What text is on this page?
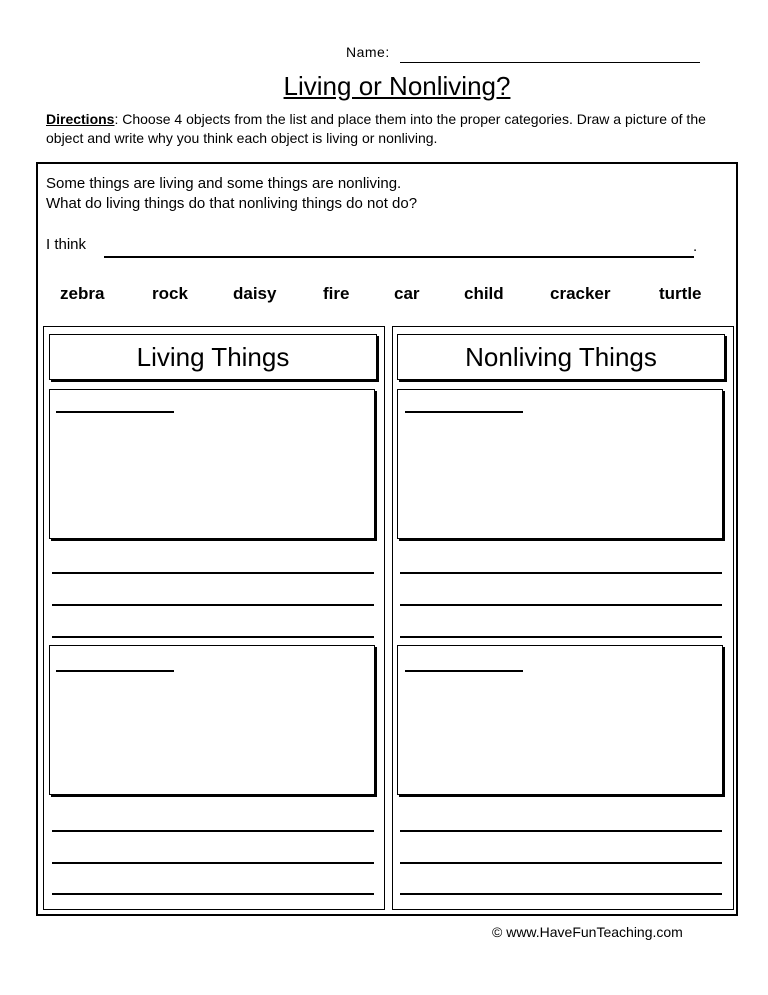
Name:
Living or Nonliving?
Directions: Choose 4 objects from the list and place them into the proper categories. Draw a picture of the object and write why you think each object is living or nonliving.
Some things are living and some things are nonliving.
What do living things do that nonliving things do not do?
I think	.
zebra	rock	daisy	fire	car	child	cracker	turtle
Living Things	Nonliving Things
© www.HaveFunTeaching.com
